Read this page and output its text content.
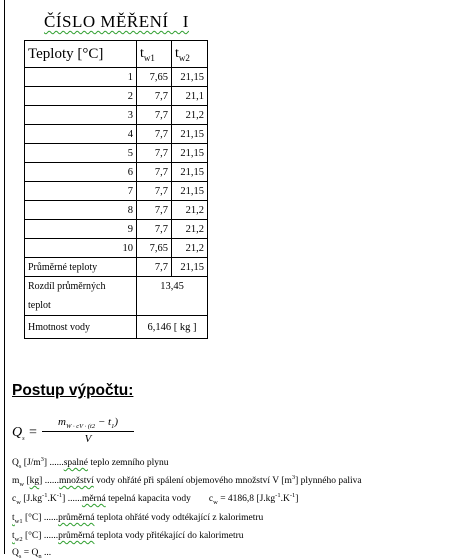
ČÍSLO MĚŘENÍ   I
Teploty [°C]	$t_{w1}$	$t_{w2}$
1	7,65	21,15
2	7,7	21,1
3	7,7	21,2
4	7,7	21,15
5	7,7	21,15
6	7,7	21,15
7	7,7	21,15
8	7,7	21,2
9	7,7	21,2
10	7,65	21,2
Průměrné teploty	7,7	21,15
Rozdíl průměrných
teplot	13,45	
Hmotnost vody	6,146 [ kg ]	
Postup výpočtu:
$Q_s = \frac{m_{W \cdot cV \cdot (t2} - t_1)}{V}$
$Q_s$ $[J/m^3]$ ......spalné teplo zemního plynu
$m_w$ [kg] ......množství vody ohřáté při spálení objemového množství V $[m^3]$ plynného paliva
$c_w$ $[J.kg^{-1}.K^{-1}]$ ......měrná tepelná kapacita vody $c_w = 4186,8$ $[J.kg^{-1}.K^{-1}]$
$t_{w1}$ [°C] ......průměrná teplota ohřáté vody odtékající z kalorimetru
$t_{w2}$ [°C] ......průměrná teplota vody přitékající do kalorimetru
$Q_s = Q_n$ ...
